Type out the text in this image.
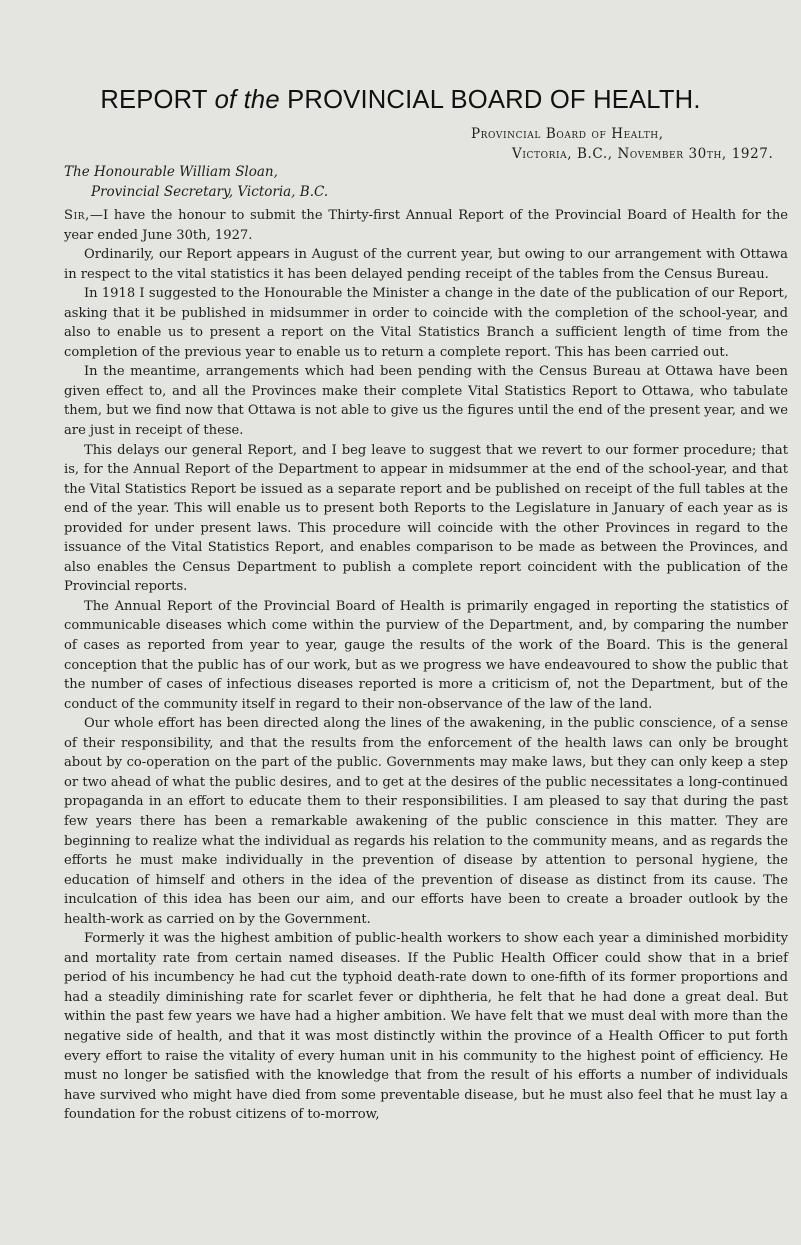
REPORT of the PROVINCIAL BOARD OF HEALTH.
Provincial Board of Health,
Victoria, B.C., November 30th, 1927.
The Honourable William Sloan,
Provincial Secretary, Victoria, B.C.

Sir,—I have the honour to submit the Thirty-first Annual Report of the Provincial Board of Health for the year ended June 30th, 1927.

Ordinarily, our Report appears in August of the current year, but owing to our arrangement with Ottawa in respect to the vital statistics it has been delayed pending receipt of the tables from the Census Bureau.

In 1918 I suggested to the Honourable the Minister a change in the date of the publication of our Report, asking that it be published in midsummer in order to coincide with the completion of the school-year, and also to enable us to present a report on the Vital Statistics Branch a sufficient length of time from the completion of the previous year to enable us to return a complete report. This has been carried out.

In the meantime, arrangements which had been pending with the Census Bureau at Ottawa have been given effect to, and all the Provinces make their complete Vital Statistics Report to Ottawa, who tabulate them, but we find now that Ottawa is not able to give us the figures until the end of the present year, and we are just in receipt of these.

This delays our general Report, and I beg leave to suggest that we revert to our former procedure; that is, for the Annual Report of the Department to appear in midsummer at the end of the school-year, and that the Vital Statistics Report be issued as a separate report and be published on receipt of the full tables at the end of the year. This will enable us to present both Reports to the Legislature in January of each year as is provided for under present laws. This procedure will coincide with the other Provinces in regard to the issuance of the Vital Statistics Report, and enables comparison to be made as between the Provinces, and also enables the Census Department to publish a complete report coincident with the publication of the Provincial reports.

The Annual Report of the Provincial Board of Health is primarily engaged in reporting the statistics of communicable diseases which come within the purview of the Department, and, by comparing the number of cases as reported from year to year, gauge the results of the work of the Board. This is the general conception that the public has of our work, but as we progress we have endeavoured to show the public that the number of cases of infectious diseases reported is more a criticism of, not the Department, but of the conduct of the community itself in regard to their non-observance of the law of the land.

Our whole effort has been directed along the lines of the awakening, in the public conscience, of a sense of their responsibility, and that the results from the enforcement of the health laws can only be brought about by co-operation on the part of the public. Governments may make laws, but they can only keep a step or two ahead of what the public desires, and to get at the desires of the public necessitates a long-continued propaganda in an effort to educate them to their responsibilities. I am pleased to say that during the past few years there has been a remarkable awakening of the public conscience in this matter. They are beginning to realize what the individual as regards his relation to the community means, and as regards the efforts he must make individually in the prevention of disease by attention to personal hygiene, the education of himself and others in the idea of the prevention of disease as distinct from its cause. The inculcation of this idea has been our aim, and our efforts have been to create a broader outlook by the health-work as carried on by the Government.

Formerly it was the highest ambition of public-health workers to show each year a diminished morbidity and mortality rate from certain named diseases. If the Public Health Officer could show that in a brief period of his incumbency he had cut the typhoid death-rate down to one-fifth of its former proportions and had a steadily diminishing rate for scarlet fever or diphtheria, he felt that he had done a great deal. But within the past few years we have had a higher ambition. We have felt that we must deal with more than the negative side of health, and that it was most distinctly within the province of a Health Officer to put forth every effort to raise the vitality of every human unit in his community to the highest point of efficiency. He must no longer be satisfied with the knowledge that from the result of his efforts a number of individuals have survived who might have died from some preventable disease, but he must also feel that he must lay a foundation for the robust citizens of to-morrow,
